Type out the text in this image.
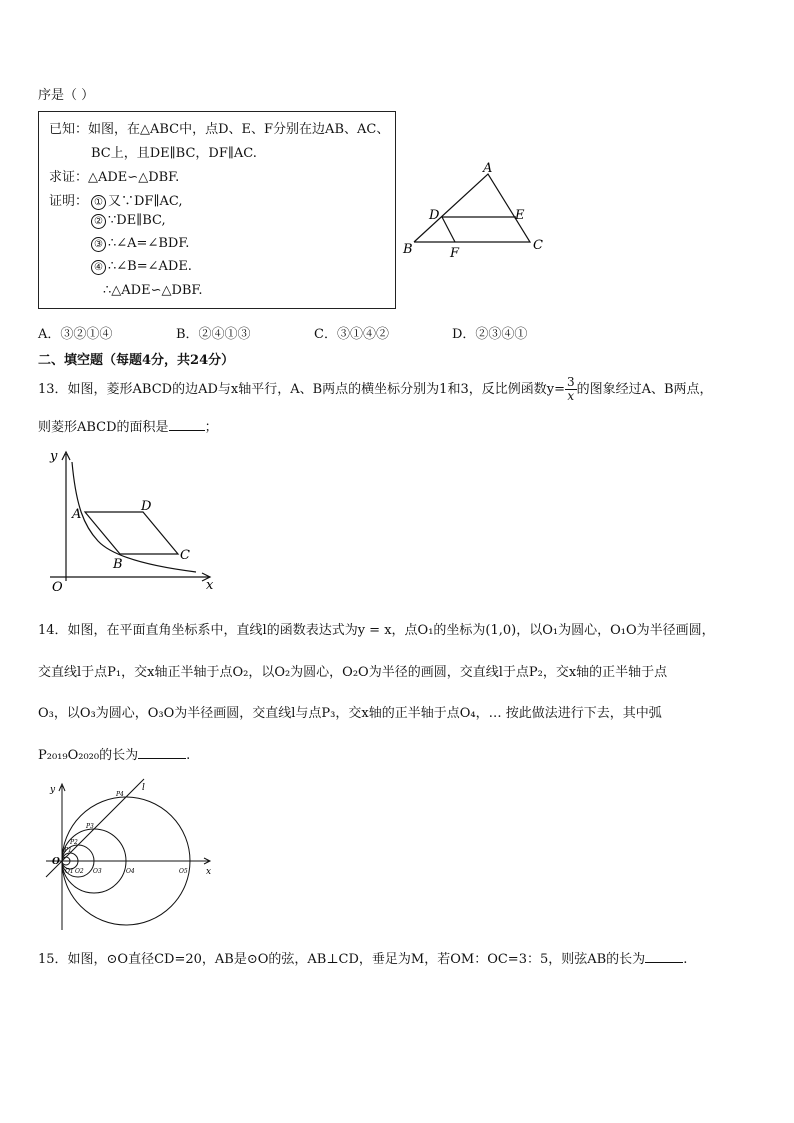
序是（ ）
已知：如图，在△ABC中，点D、E、F分别在边AB、AC、
BC上，且DE∥BC，DF∥AC.
求证：△ADE∽△DBF.
证明： ① 又∵DF∥AC,
② ∵DE∥BC,
③ ∴∠A=∠BDF.
④ ∴∠B=∠ADE.
∴△ADE∽△DBF.
A
B	C
D	E
F
A．③②①④	B．②④①③	C．③①④②	D．②③④①
二、填空题（每题4分，共24分）
13．如图，菱形ABCD的边AD与x轴平行，A、B两点的横坐标分别为1和3，反比例函数$y= \frac{3}{x}$ 的图象经过A、B两点，
则菱形ABCD的面积是	；
y
x
O
A
B
C
D
14．如图，在平面直角坐标系中，直线l的函数表达式为y = x，点O₁的坐标为(1,0)，以O₁为圆心，O₁O为半径画圆，
交直线l于点P₁，交x轴正半轴于点O₂，以O₂为圆心，O₂O为半径的画圆，交直线l于点P₂，交x轴的正半轴于点
O₃，以O₃为圆心，O₃O为半径画圆，交直线l与点P₃，交x轴的正半轴于点O₄，… 按此做法进行下去，其中弧
P₂₀₁₉O₂₀₂₀的长为	.
y
x
l
O
P4
P3
P2
P1
O1 O2 O3	O4	O5
15．如图，⊙O直径CD=20，AB是⊙O的弦，AB⊥CD，垂足为M，若OM：OC=3：5，则弦AB的长为	.
